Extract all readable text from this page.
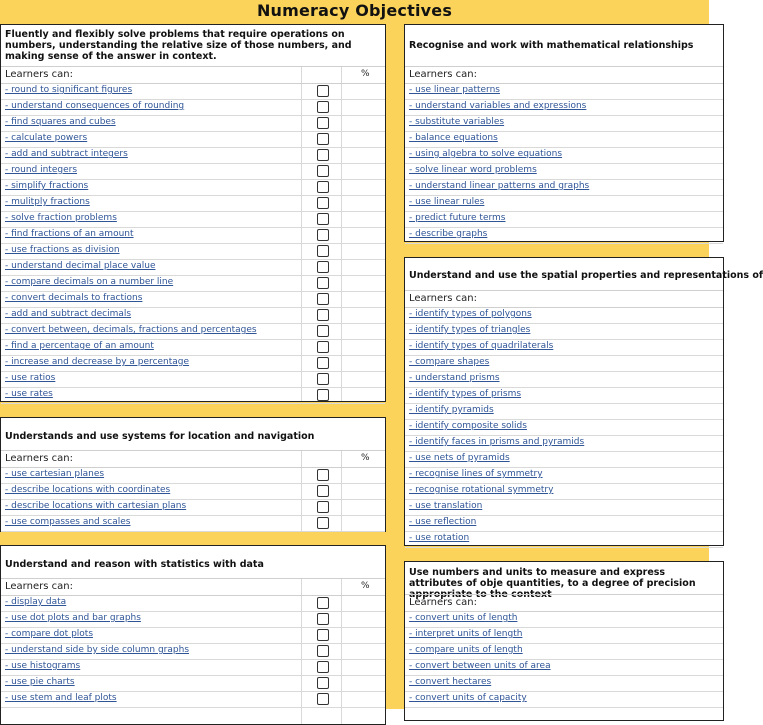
Numeracy Objectives
Fluently and flexibly solve problems that require operations on numbers, understanding the relative size of those numbers, and making sense of the answer in context.
Learners can:	%
- round to significant figures
- understand consequences of rounding
- find squares and cubes
- calculate powers
- add and subtract integers
- round integers
- simplify fractions
- mulitply fractions
- solve fraction problems
- find fractions of an amount
- use fractions as division
- understand decimal place value
- compare decimals on a number line
- convert decimals to fractions
- add and subtract decimals
- convert between, decimals, fractions and percentages
- find a percentage of an amount
- increase and decrease by a percentage
- use ratios
- use rates
Understands and use systems for location and navigation
Learners can:	%
- use cartesian planes
- describe locations with coordinates
- describe locations with cartesian plans
- use compasses and scales
Understand and reason with statistics with data
Learners can:	%
- display data
- use dot plots and bar graphs
- compare dot plots
- understand side by side column graphs
- use histograms
- use pie charts
- use stem and leaf plots
Recognise and work with mathematical relationships
Learners can:
- use linear patterns
- understand variables and expressions
- substitute variables
- balance equations
- using algebra to solve equations
- solve linear word problems
- understand linear patterns and graphs
- use linear rules
- predict future terms
- describe graphs
Understand and use the spatial properties and representations of
Learners can:
- identify types of polygons
- identify types of triangles
- identify types of quadrilaterals
- compare shapes
- understand prisms
- identify types of prisms
- identify pyramids
- identify composite solids
- identify faces in prisms and pyramids
- use nets of pyramids
- recognise lines of symmetry
- recognise rotational symmetry
- use translation
- use reflection
- use rotation
Use numbers and units to measure and express attributes of obje quantities, to a degree of precision appropriate to the context
Learners can:
- convert units of length
- interpret units of length
- compare units of length
- convert between units of area
- convert hectares
- convert units of capacity
